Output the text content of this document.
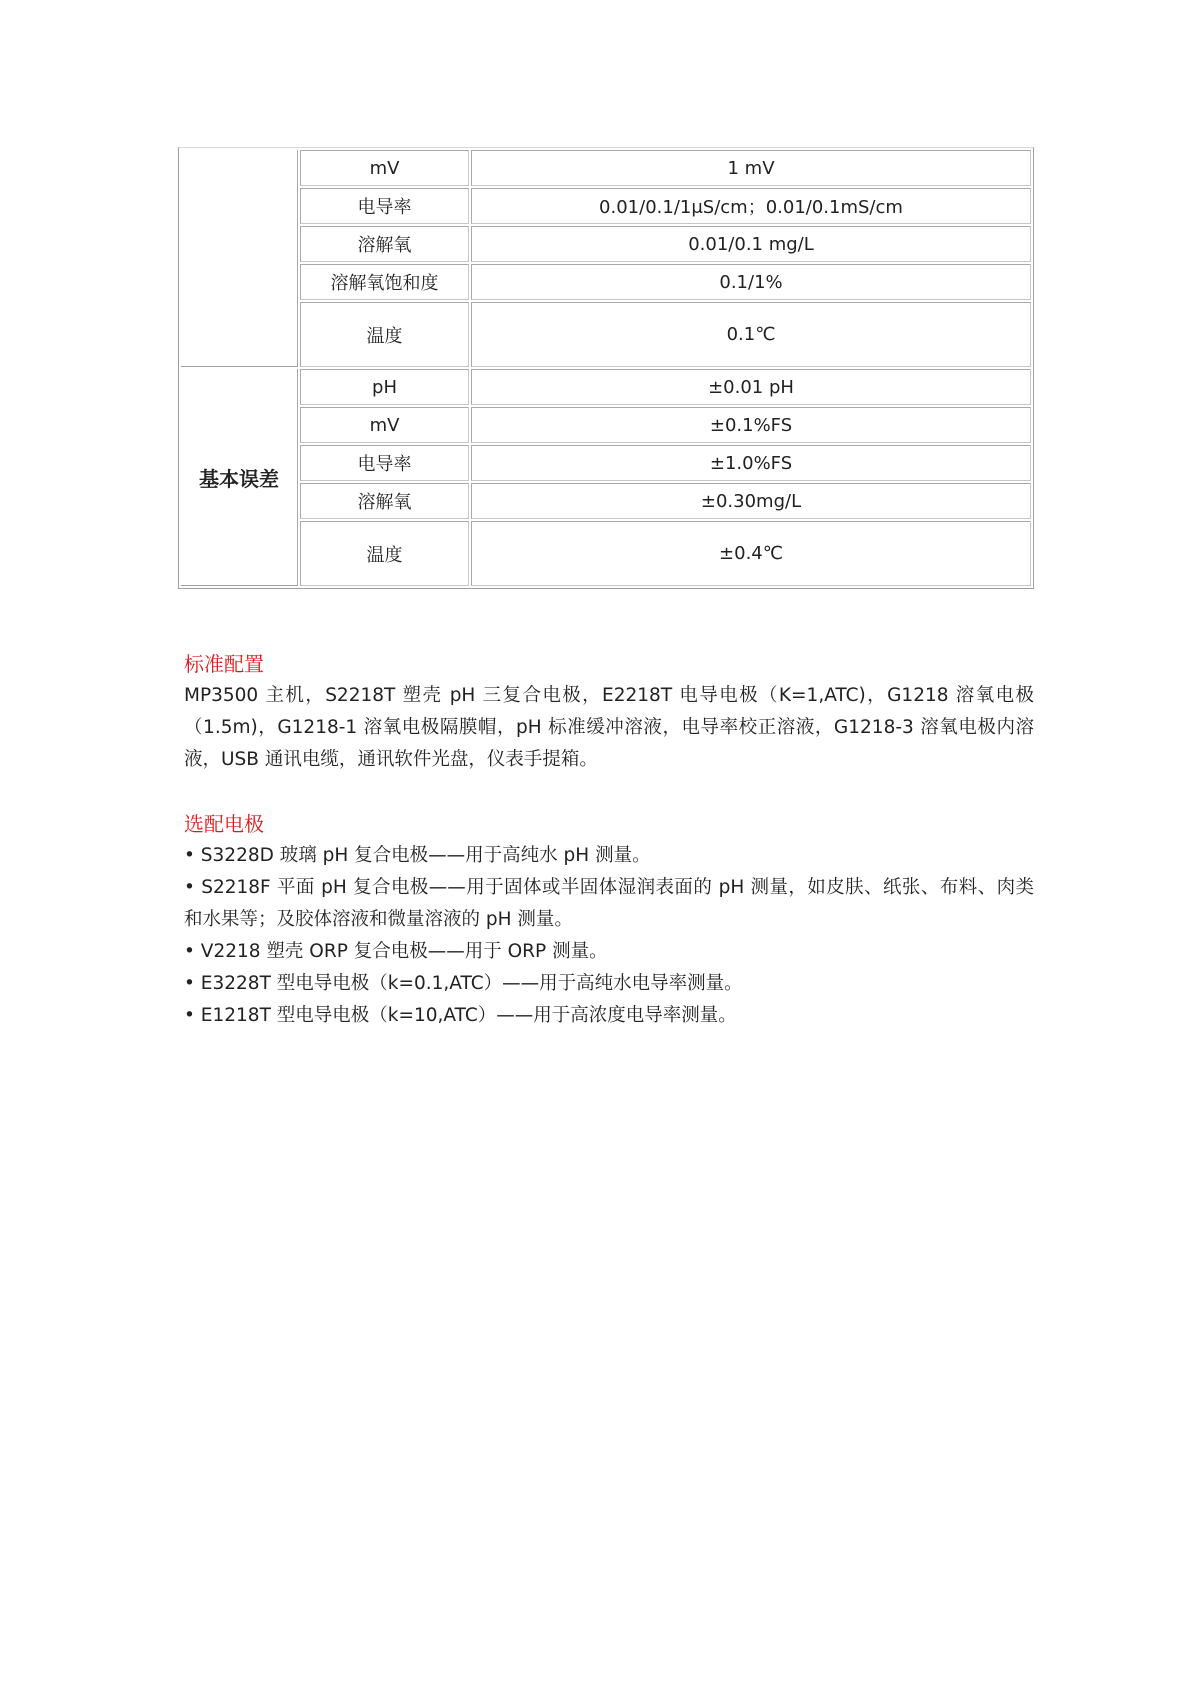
	mV	1 mV
	电导率	0.01/0.1/1μS/cm；0.01/0.1mS/cm
	溶解氧	0.01/0.1 mg/L
	溶解氧饱和度	0.1/1%
	温度	0.1℃
基本误差	pH	±0.01 pH
	mV	±0.1%FS
	电导率	±1.0%FS
	溶解氧	±0.30mg/L
	温度	±0.4℃
标准配置

MP3500 主机，S2218T 塑壳 pH 三复合电极，E2218T 电导电极（K=1,ATC)，G1218 溶氧电极（1.5m)，G1218-1 溶氧电极隔膜帽，pH 标准缓冲溶液，电导率校正溶液，G1218-3 溶氧电极内溶液，USB 通讯电缆，通讯软件光盘，仪表手提箱。

选配电极

• S3228D 玻璃 pH 复合电极——用于高纯水 pH 测量。

• S2218F 平面 pH 复合电极——用于固体或半固体湿润表面的 pH 测量，如皮肤、纸张、布料、肉类和水果等；及胶体溶液和微量溶液的 pH 测量。

• V2218 塑壳 ORP 复合电极——用于 ORP 测量。

• E3228T 型电导电极（k=0.1,ATC）——用于高纯水电导率测量。

• E1218T 型电导电极（k=10,ATC）——用于高浓度电导率测量。
